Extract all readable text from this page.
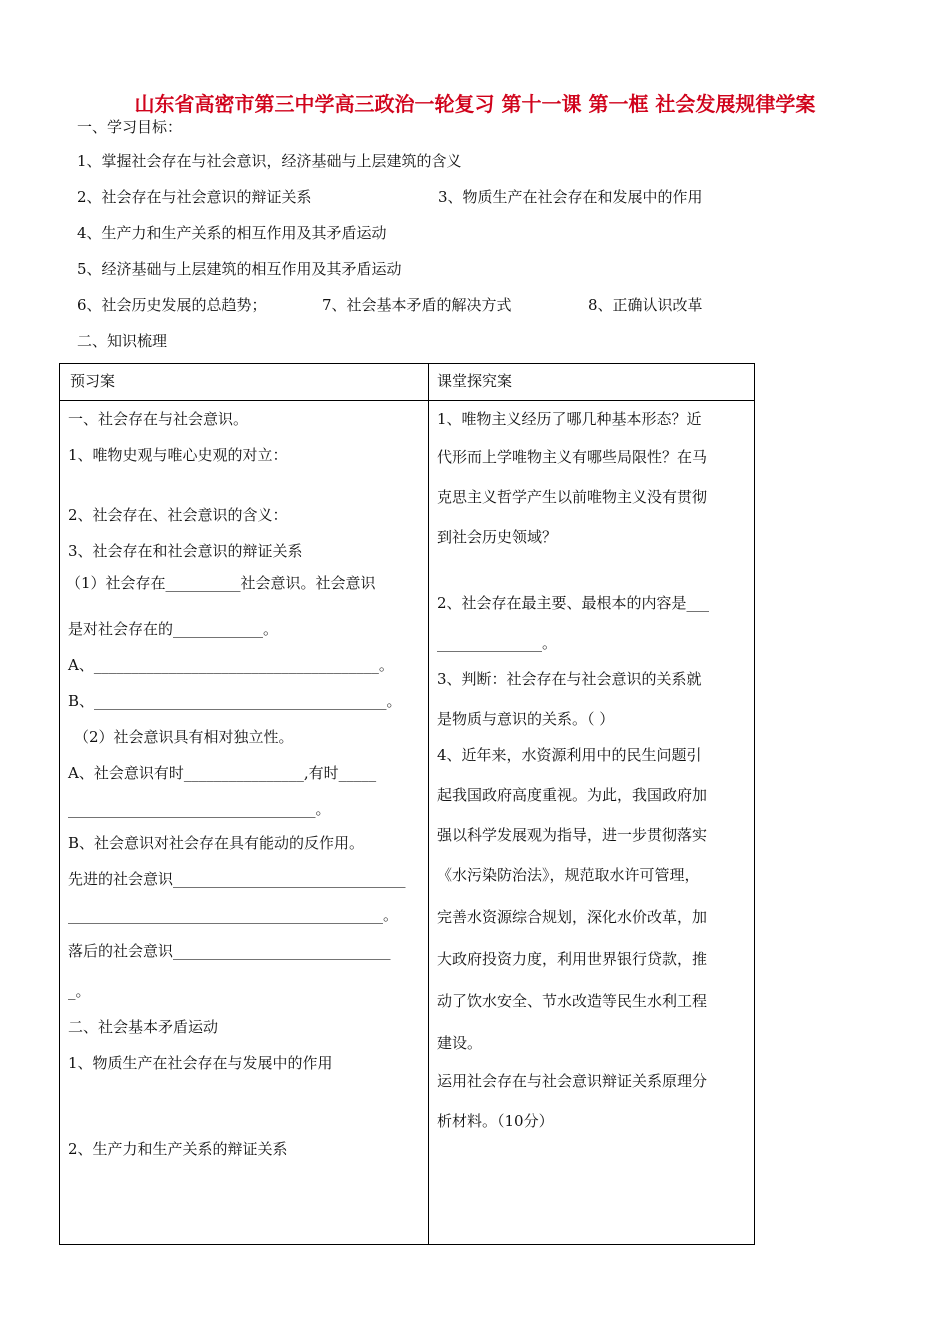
山东省高密市第三中学高三政治一轮复习 第十一课 第一框 社会发展规律学案
一、学习目标：
1、掌握社会存在与社会意识，经济基础与上层建筑的含义
2、社会存在与社会意识的辩证关系	3、物质生产在社会存在和发展中的作用
4、生产力和生产关系的相互作用及其矛盾运动
5、经济基础与上层建筑的相互作用及其矛盾运动
6、社会历史发展的总趋势；	7、社会基本矛盾的解决方式	8、正确认识改革
二、知识梳理
预习案	课堂探究案
一、社会存在与社会意识。
1、唯物史观与唯心史观的对立：
2、社会存在、社会意识的含义：
3、社会存在和社会意识的辩证关系
（1）社会存在__________社会意识。社会意识
是对社会存在的____________。
A、______________________________________。
B、_______________________________________。
（2）社会意识具有相对独立性。
A、社会意识有时________________,有时_____
_________________________________。
B、社会意识对社会存在具有能动的反作用。
先进的社会意识_______________________________
__________________________________________。
落后的社会意识_____________________________
_。
二、社会基本矛盾运动
1、物质生产在社会存在与发展中的作用
2、生产力和生产关系的辩证关系
1、唯物主义经历了哪几种基本形态？近
代形而上学唯物主义有哪些局限性？在马
克思主义哲学产生以前唯物主义没有贯彻
到社会历史领域？
2、社会存在最主要、最根本的内容是___
______________。
3、判断：社会存在与社会意识的关系就
是物质与意识的关系。（ ）
4、近年来，水资源利用中的民生问题引
起我国政府高度重视。为此，我国政府加
强以科学发展观为指导，进一步贯彻落实
《水污染防治法》，规范取水许可管理，
完善水资源综合规划，深化水价改革，加
大政府投资力度，利用世界银行贷款，推
动了饮水安全、节水改造等民生水利工程
建设。
运用社会存在与社会意识辩证关系原理分
析材料。（10分）
